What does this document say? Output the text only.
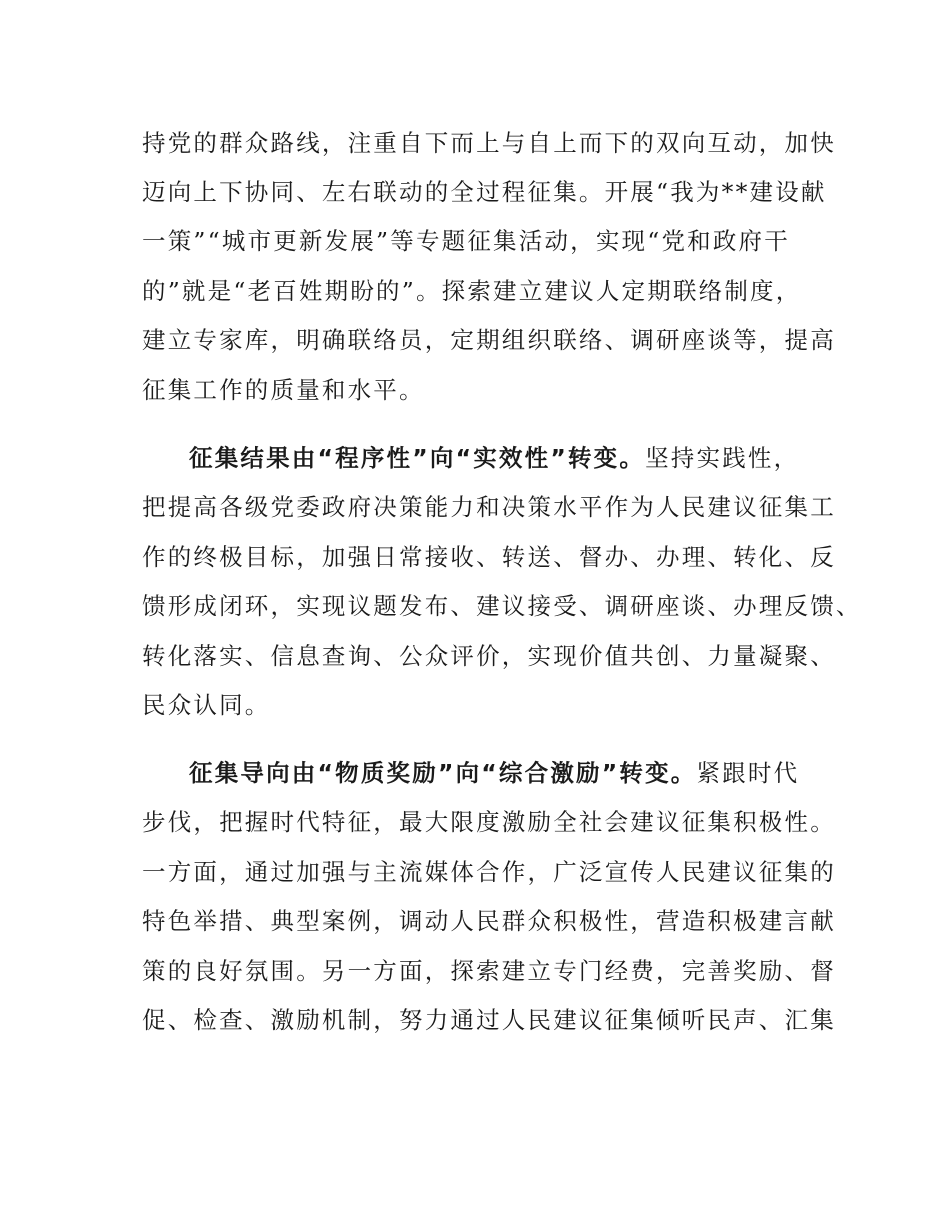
持党的群众路线，注重自下而上与自上而下的双向互动，加快
迈向上下协同、左右联动的全过程征集。开展“我为**建设献
一策”“城市更新发展”等专题征集活动，实现“党和政府干
的”就是“老百姓期盼的”。探索建立建议人定期联络制度，
建立专家库，明确联络员，定期组织联络、调研座谈等，提高
征集工作的质量和水平。
征集结果由“程序性”向“实效性”转变。坚持实践性，
把提高各级党委政府决策能力和决策水平作为人民建议征集工
作的终极目标，加强日常接收、转送、督办、办理、转化、反
馈形成闭环，实现议题发布、建议接受、调研座谈、办理反馈、
转化落实、信息查询、公众评价，实现价值共创、力量凝聚、
民众认同。
征集导向由“物质奖励”向“综合激励”转变。紧跟时代
步伐，把握时代特征，最大限度激励全社会建议征集积极性。
一方面，通过加强与主流媒体合作，广泛宣传人民建议征集的
特色举措、典型案例，调动人民群众积极性，营造积极建言献
策的良好氛围。另一方面，探索建立专门经费，完善奖励、督
促、检查、激励机制，努力通过人民建议征集倾听民声、汇集
